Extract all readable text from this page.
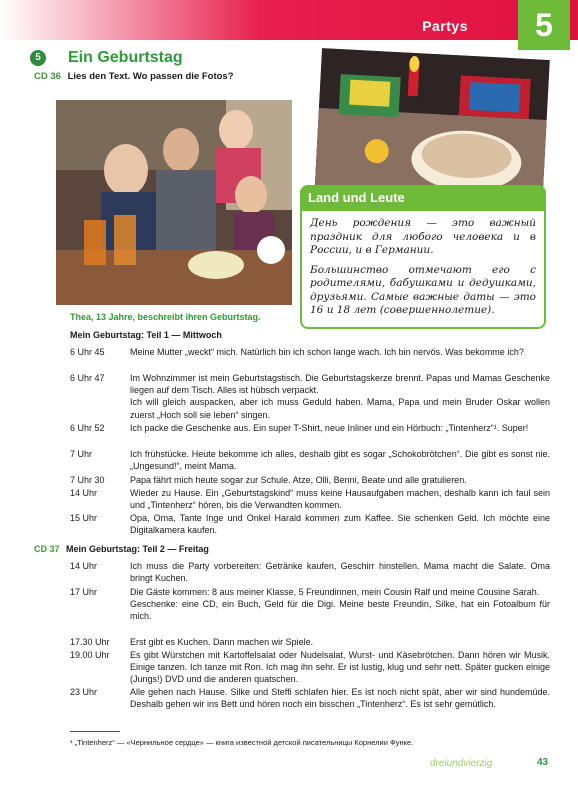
Partys	5
5	Ein Geburtstag
CD 36 Lies den Text. Wo passen die Fotos?
Land und Leute

День рождения — это важный праздник для любого человека и в России, и в Германии.

Большинство отмечают его с родителями, бабушками и дедушками, друзьями. Самые важные даты — это 16 и 18 лет (совершеннолетие).

Thea, 13 Jahre, beschreibt ihren Geburtstag.
Mein Geburtstag: Teil 1 — Mittwoch
6 Uhr 45	Meine Mutter „weckt“ mich. Natürlich bin ich schon lange wach. Ich bin nervös. Was bekomme ich?
6 Uhr 47	Im Wohnzimmer ist mein Geburtstagstisch. Die Geburtstagskerze brennt. Papas und Mamas Geschenke liegen auf dem Tisch. Alles ist hübsch verpackt.

Ich will gleich auspacken, aber ich muss Geduld haben. Mama, Papa und mein Bruder Oskar wollen zuerst „Hoch soll sie leben“ singen.

6 Uhr 52	Ich packe die Geschenke aus. Ein super T-Shirt, neue Inliner und ein Hörbuch: „Tintenherz“¹. Super!
7 Uhr	Ich frühstücke. Heute bekomme ich alles, deshalb gibt es sogar „Schokobrötchen“. Die gibt es sonst nie. „Ungesund!“, meint Mama.
7 Uhr 30	Papa fährt mich heute sogar zur Schule. Atze, Olli, Benni, Beate und alle gratulieren.
14 Uhr	Wieder zu Hause. Ein „Geburtstagskind“ muss keine Hausaufgaben machen, deshalb kann ich faul sein und „Tintenherz“ hören, bis die Verwandten kommen.
15 Uhr	Opa, Oma, Tante Inge und Onkel Harald kommen zum Kaffee. Sie schenken Geld. Ich möchte eine Digitalkamera kaufen.
CD 37 Mein Geburtstag: Teil 2 — Freitag
14 Uhr	Ich muss die Party vorbereiten: Getränke kaufen, Geschirr hinstellen. Mama macht die Salate. Oma bringt Kuchen.
17 Uhr	Die Gäste kommen: 8 aus meiner Klasse, 5 Freundinnen, mein Cousin Ralf und meine Cousine Sarah.

Geschenke: eine CD, ein Buch, Geld für die Digi. Meine beste Freundin, Silke, hat ein Fotoalbum für mich.

17.30 Uhr	Erst gibt es Kuchen. Dann machen wir Spiele.
19.00 Uhr	Es gibt Würstchen mit Kartoffelsalat oder Nudelsalat, Wurst- und Käsebrötchen. Dann hören wir Musik. Einige tanzen. Ich tanze mit Ron. Ich mag ihn sehr. Er ist lustig, klug und sehr nett. Später gucken einige (Jungs!) DVD und die anderen quatschen.
23 Uhr	Alle gehen nach Hause. Silke und Steffi schlafen hier. Es ist noch nicht spät, aber wir sind hundemüde. Deshalb gehen wir ins Bett und hören noch ein bisschen „Tintenherz“. Es ist sehr gemütlich.
¹ „Tintenherz“ — «Чернильное сердце» — книга известной детской писательницы Корнелии Функе.
dreiundvierzig	43
